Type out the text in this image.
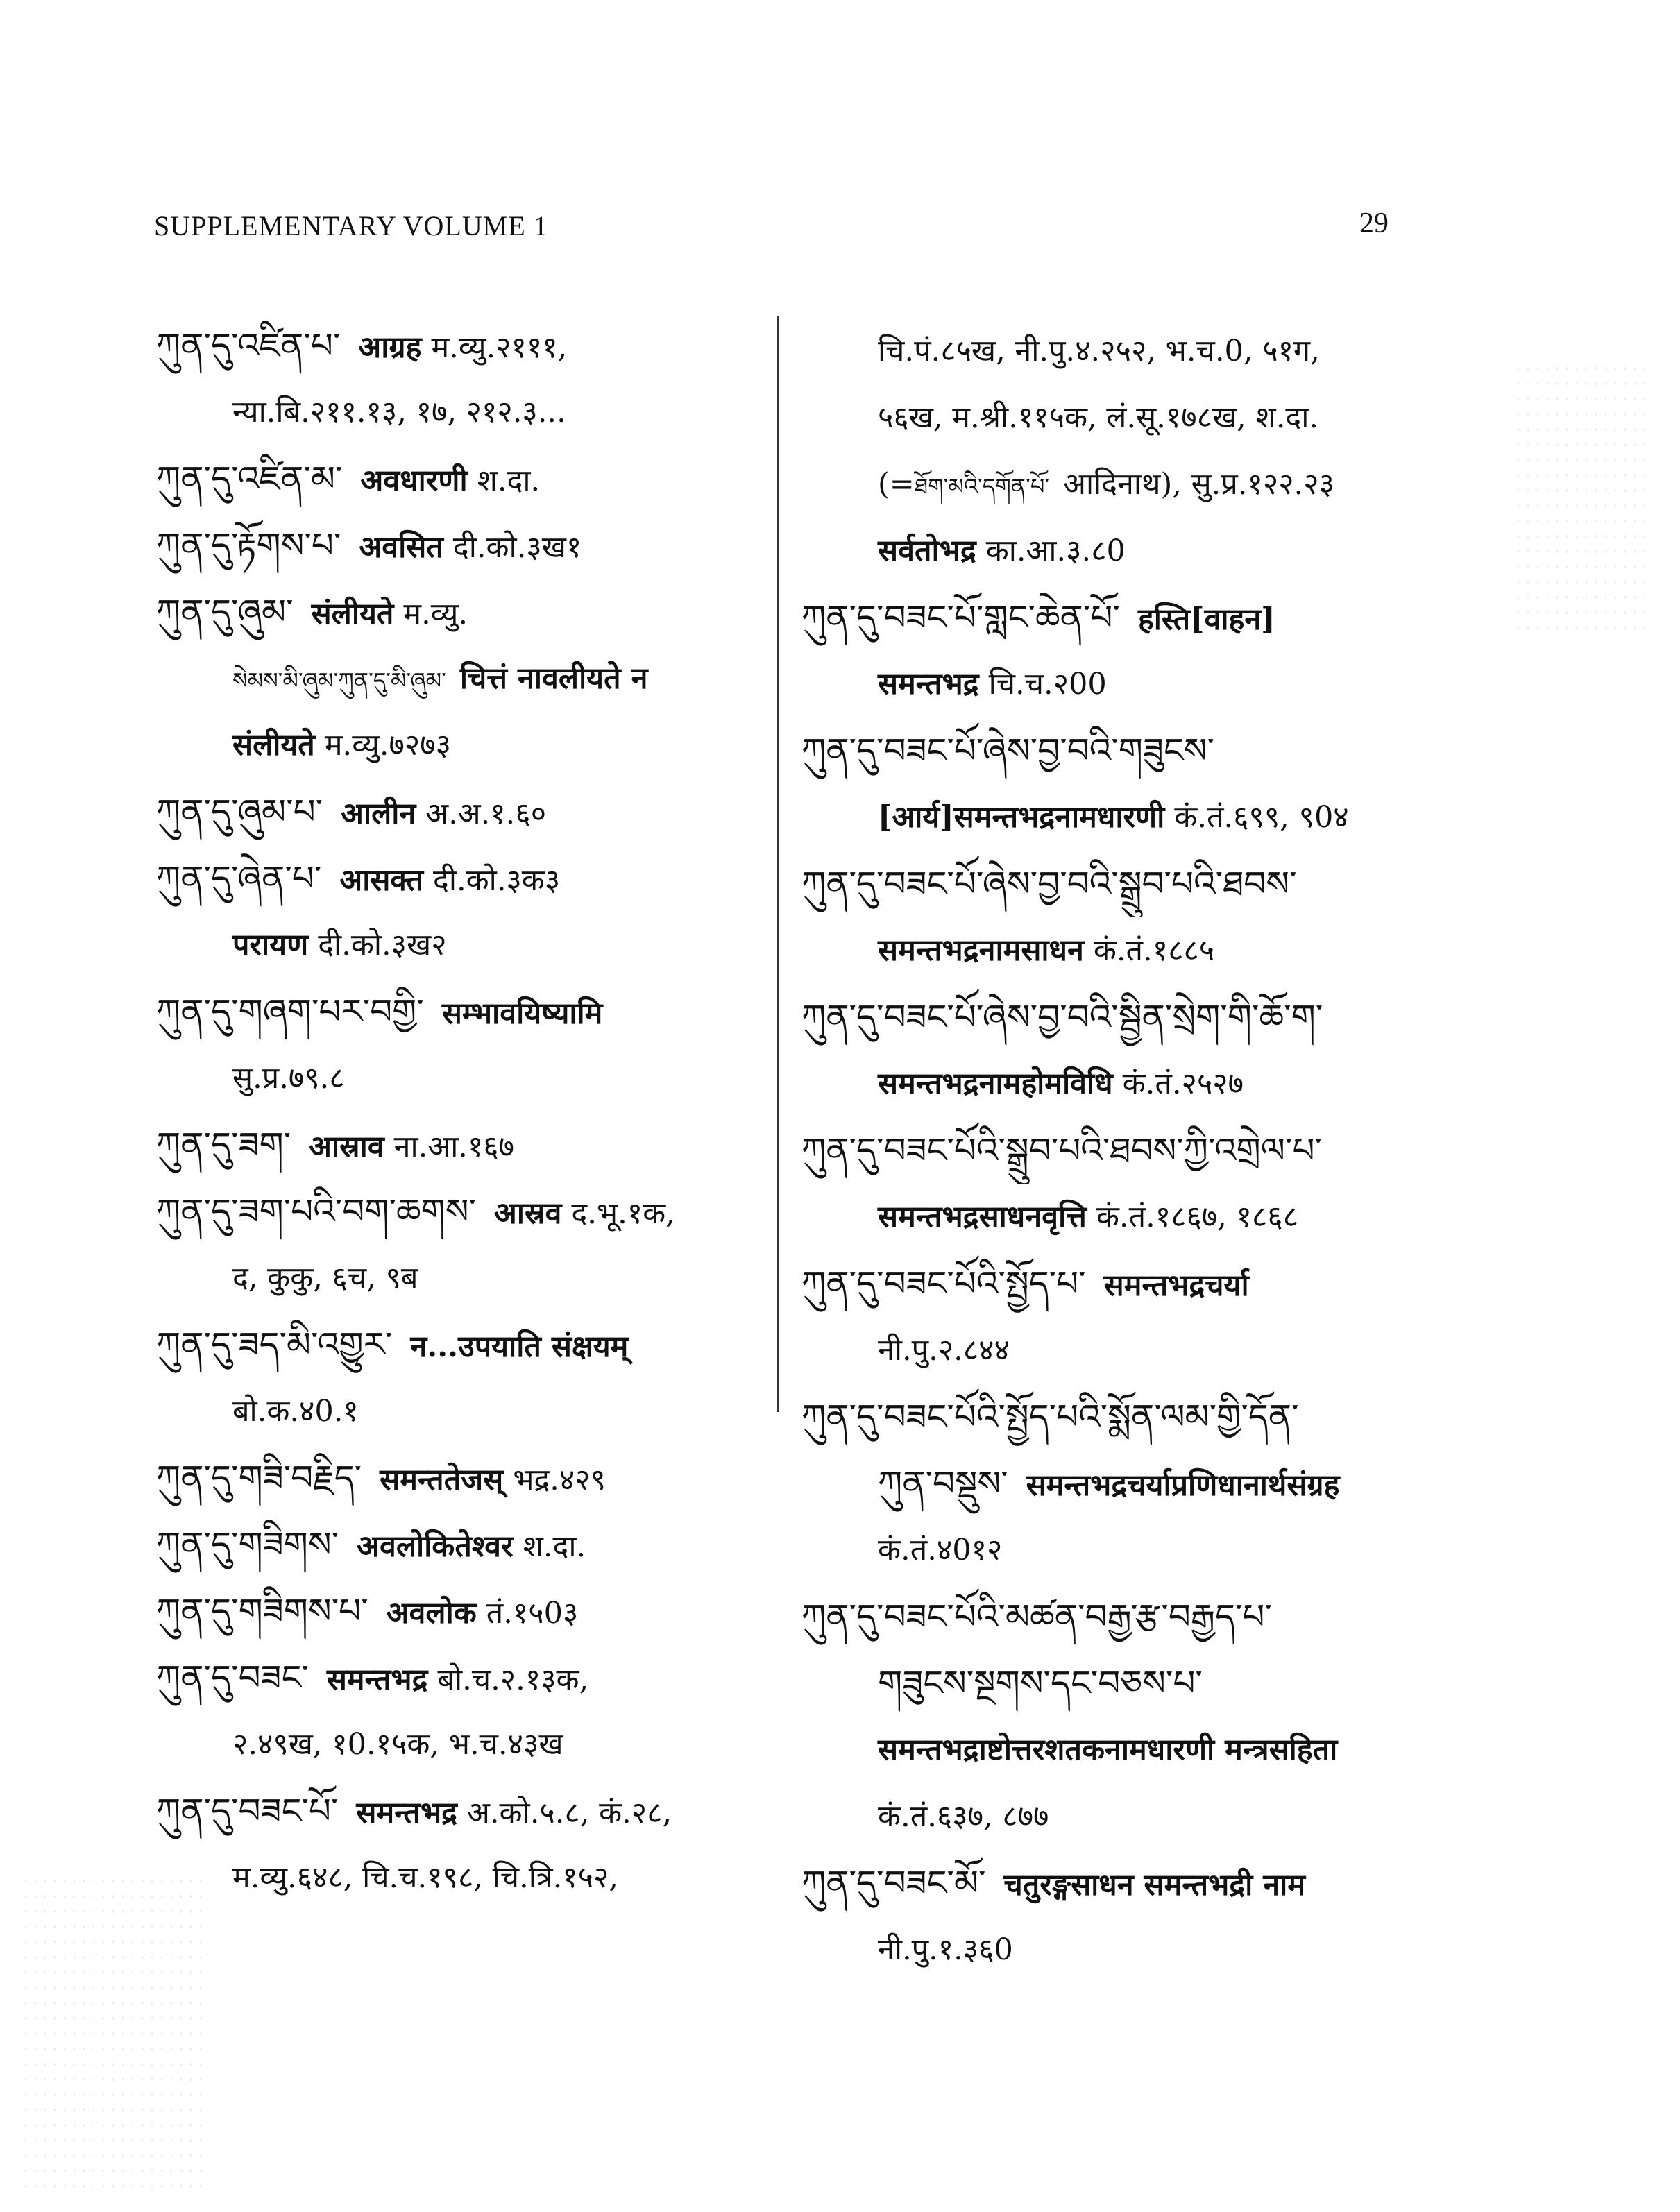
SUPPLEMENTARY VOLUME 1	29
ཀུན་དུ་འཛིན་པ་ आग्रह म.व्यु.२१११,
न्या.बि.२११.१३, १७, २१२.३...
ཀུན་དུ་འཛིན་མ་ अवधारणी श.दा.
ཀུན་དུ་རྟོགས་པ་ अवसित दी.को.३ख१
ཀུན་དུ་ཞུམ་ संलीयते म.व्यु.
སེམས་མི་ཞུམ་ཀུན་དུ་མི་ཞུམ་ चित्तं नावलीयते न
संलीयते म.व्यु.७२७३
ཀུན་དུ་ཞུམ་པ་ आलीन अ.अ.१.६०
ཀུན་དུ་ཞེན་པ་ आसक्त दी.को.३क३
परायण दी.को.३ख२
ཀུན་དུ་གཞག་པར་བགྱི་ सम्भावयिष्यामि
सु.प्र.७९.८
ཀུན་དུ་ཟག་ आस्राव ना.आ.१६७
ཀུན་དུ་ཟག་པའི་བག་ཆགས་ आस्रव द.भू.१क,
द, कुकु, ६च, ९ब
ཀུན་དུ་ཟད་མི་འགྱུར་ न...उपयाति संक्षयम्
बो.क.४0.१
ཀུན་དུ་གཟི་བརྗིད་ समन्ततेजस् भद्र.४२९
ཀུན་དུ་གཟིགས་ अवलोकितेश्वर श.दा.
ཀུན་དུ་གཟིགས་པ་ अवलोक तं.१५0३
ཀུན་དུ་བཟང་ समन्तभद्र बो.च.२.१३क,
२.४९ख, १0.१५क, भ.च.४३ख
ཀུན་དུ་བཟང་པོ་ समन्तभद्र अ.को.५.८, कं.२८,
म.व्यु.६४८, चि.च.१९८, चि.त्रि.१५२,
चि.पं.८५ख, नी.पु.४.२५२, भ.च.0, ५१ग,
५६ख, म.श्री.११५क, लं.सू.१७८ख, श.दा.
(=ཐོག་མའི་དགོན་པོ་ आदिनाथ), सु.प्र.१२२.२३
सर्वतोभद्र का.आ.३.८0
ཀུན་དུ་བཟང་པོ་གླང་ཆེན་པོ་ हस्ति[वाहन]
समन्तभद्र चि.च.२00
ཀུན་དུ་བཟང་པོ་ཞེས་བྱ་བའི་གཟུངས་
[आर्य]समन्तभद्रनामधारणी कं.तं.६९९, ९0४
ཀུན་དུ་བཟང་པོ་ཞེས་བྱ་བའི་སྒྲུབ་པའི་ཐབས་
समन्तभद्रनामसाधन कं.तं.१८८५
ཀུན་དུ་བཟང་པོ་ཞེས་བྱ་བའི་སྦྱིན་སྲེག་གི་ཆོ་ག་
समन्तभद्रनामहोमविधि कं.तं.२५२७
ཀུན་དུ་བཟང་པོའི་སྒྲུབ་པའི་ཐབས་ཀྱི་འགྲེལ་པ་
समन्तभद्रसाधनवृत्ति कं.तं.१८६७, १८६८
ཀུན་དུ་བཟང་པོའི་སྤྱོད་པ་ समन्तभद्रचर्या
नी.पु.२.८४४
ཀུན་དུ་བཟང་པོའི་སྤྱོད་པའི་སྨོན་ལམ་གྱི་དོན་
ཀུན་བསྡུས་ समन्तभद्रचर्याप्रणिधानार्थसंग्रह
कं.तं.४0१२
ཀུན་དུ་བཟང་པོའི་མཚན་བརྒྱ་རྩ་བརྒྱད་པ་
གཟུངས་སྔགས་དང་བཅས་པ་
समन्तभद्राष्टोत्तरशतकनामधारणी मन्त्रसहिता
कं.तं.६३७, ८७७
ཀུན་དུ་བཟང་མོ་ चतुरङ्गसाधन समन्तभद्री नाम
नी.पु.१.३६0
